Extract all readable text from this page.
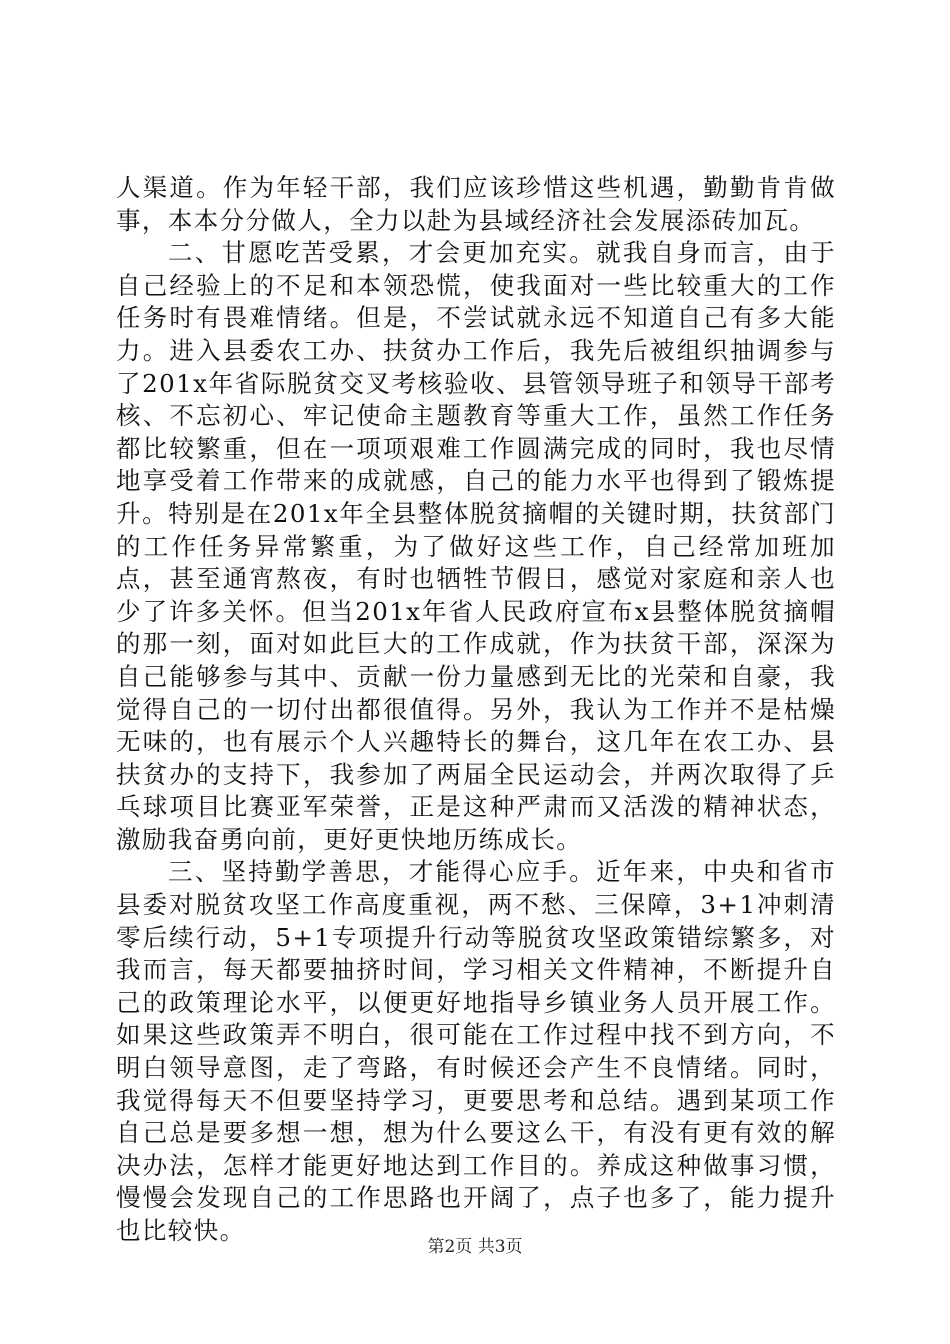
人渠道。作为年轻干部，我们应该珍惜这些机遇，勤勤肯肯做事，本本分分做人，全力以赴为县域经济社会发展添砖加瓦。

二、甘愿吃苦受累，才会更加充实。就我自身而言，由于自己经验上的不足和本领恐慌，使我面对一些比较重大的工作任务时有畏难情绪。但是，不尝试就永远不知道自己有多大能力。进入县委农工办、扶贫办工作后，我先后被组织抽调参与了201x年省际脱贫交叉考核验收、县管领导班子和领导干部考核、不忘初心、牢记使命主题教育等重大工作，虽然工作任务都比较繁重，但在一项项艰难工作圆满完成的同时，我也尽情地享受着工作带来的成就感，自己的能力水平也得到了锻炼提升。特别是在201x年全县整体脱贫摘帽的关键时期，扶贫部门的工作任务异常繁重，为了做好这些工作，自己经常加班加点，甚至通宵熬夜，有时也牺牲节假日，感觉对家庭和亲人也少了许多关怀。但当201x年省人民政府宣布x县整体脱贫摘帽的那一刻，面对如此巨大的工作成就，作为扶贫干部，深深为自己能够参与其中、贡献一份力量感到无比的光荣和自豪，我觉得自己的一切付出都很值得。另外，我认为工作并不是枯燥无味的，也有展示个人兴趣特长的舞台，这几年在农工办、县扶贫办的支持下，我参加了两届全民运动会，并两次取得了乒乓球项目比赛亚军荣誉，正是这种严肃而又活泼的精神状态，激励我奋勇向前，更好更快地历练成长。

三、坚持勤学善思，才能得心应手。近年来，中央和省市县委对脱贫攻坚工作高度重视，两不愁、三保障，3+1冲刺清零后续行动，5+1专项提升行动等脱贫攻坚政策错综繁多，对我而言，每天都要抽挤时间，学习相关文件精神，不断提升自己的政策理论水平，以便更好地指导乡镇业务人员开展工作。如果这些政策弄不明白，很可能在工作过程中找不到方向，不明白领导意图，走了弯路，有时候还会产生不良情绪。同时，我觉得每天不但要坚持学习，更要思考和总结。遇到某项工作自己总是要多想一想，想为什么要这么干，有没有更有效的解决办法，怎样才能更好地达到工作目的。养成这种做事习惯，慢慢会发现自己的工作思路也开阔了，点子也多了，能力提升也比较快。

第2页 共3页
